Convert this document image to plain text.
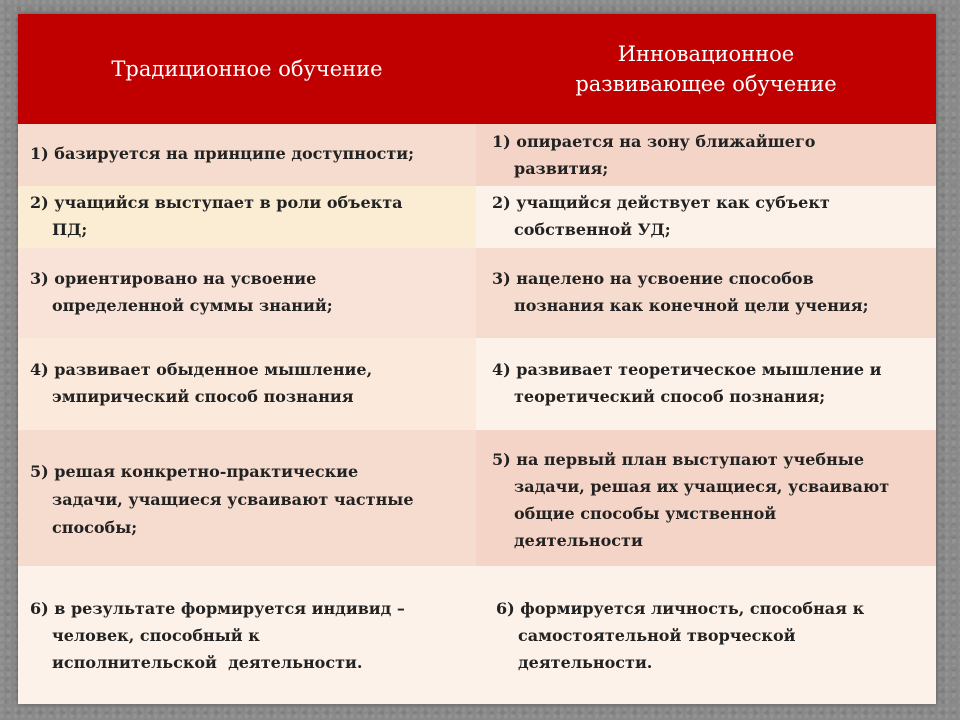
Традиционное обучение
Инновационное
развивающее обучение
1) базируется на принципе доступности;
1) опирается на зону ближайшего
развития;
2) учащийся выступает в роли объекта
ПД;
2) учащийся действует как субъект
собственной УД;
3) ориентировано на усвоение
определенной суммы знаний;
3) нацелено на усвоение способов
познания как конечной цели учения;
4) развивает обыденное мышление,
эмпирический способ познания
4) развивает теоретическое мышление и
теоретический способ познания;
5) решая конкретно-практические
задачи, учащиеся усваивают частные
способы;
5) на первый план выступают учебные
задачи, решая их учащиеся, усваивают
общие способы умственной
деятельности
6) в результате формируется индивид –
человек, способный к
исполнительской  деятельности.
6) формируется личность, способная к
самостоятельной творческой
деятельности.
